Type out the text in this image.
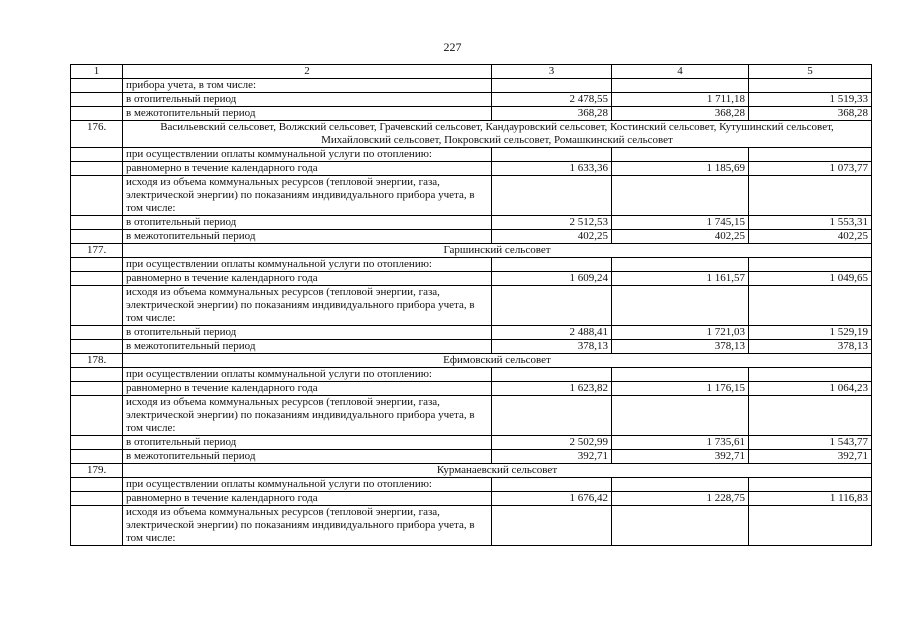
227
1	2	3	4	5
	прибора учета, в том числе:			
	в отопительный период	2 478,55	1 711,18	1 519,33
	в межотопительный период	368,28	368,28	368,28
176.	Васильевский сельсовет, Волжский сельсовет, Грачевский сельсовет, Кандауровский сельсовет, Костинский сельсовет, Кутушинский сельсовет, Михайловский сельсовет, Покровский сельсовет, Ромашкинский сельсовет			
	при осуществлении оплаты коммунальной услуги по отоплению:			
	равномерно в течение календарного года	1 633,36	1 185,69	1 073,77
	исходя из объема коммунальных ресурсов (тепловой энергии, газа, электрической энергии) по показаниям индивидуального прибора учета, в том числе:			
	в отопительный период	2 512,53	1 745,15	1 553,31
	в межотопительный период	402,25	402,25	402,25
177.	Гаршинский сельсовет			
	при осуществлении оплаты коммунальной услуги по отоплению:			
	равномерно в течение календарного года	1 609,24	1 161,57	1 049,65
	исходя из объема коммунальных ресурсов (тепловой энергии, газа, электрической энергии) по показаниям индивидуального прибора учета, в том числе:			
	в отопительный период	2 488,41	1 721,03	1 529,19
	в межотопительный период	378,13	378,13	378,13
178.	Ефимовский сельсовет			
	при осуществлении оплаты коммунальной услуги по отоплению:			
	равномерно в течение календарного года	1 623,82	1 176,15	1 064,23
	исходя из объема коммунальных ресурсов (тепловой энергии, газа, электрической энергии) по показаниям индивидуального прибора учета, в том числе:			
	в отопительный период	2 502,99	1 735,61	1 543,77
	в межотопительный период	392,71	392,71	392,71
179.	Курманаевский сельсовет			
	при осуществлении оплаты коммунальной услуги по отоплению:			
	равномерно в течение календарного года	1 676,42	1 228,75	1 116,83
	исходя из объема коммунальных ресурсов (тепловой энергии, газа, электрической энергии) по показаниям индивидуального прибора учета, в том числе:			
